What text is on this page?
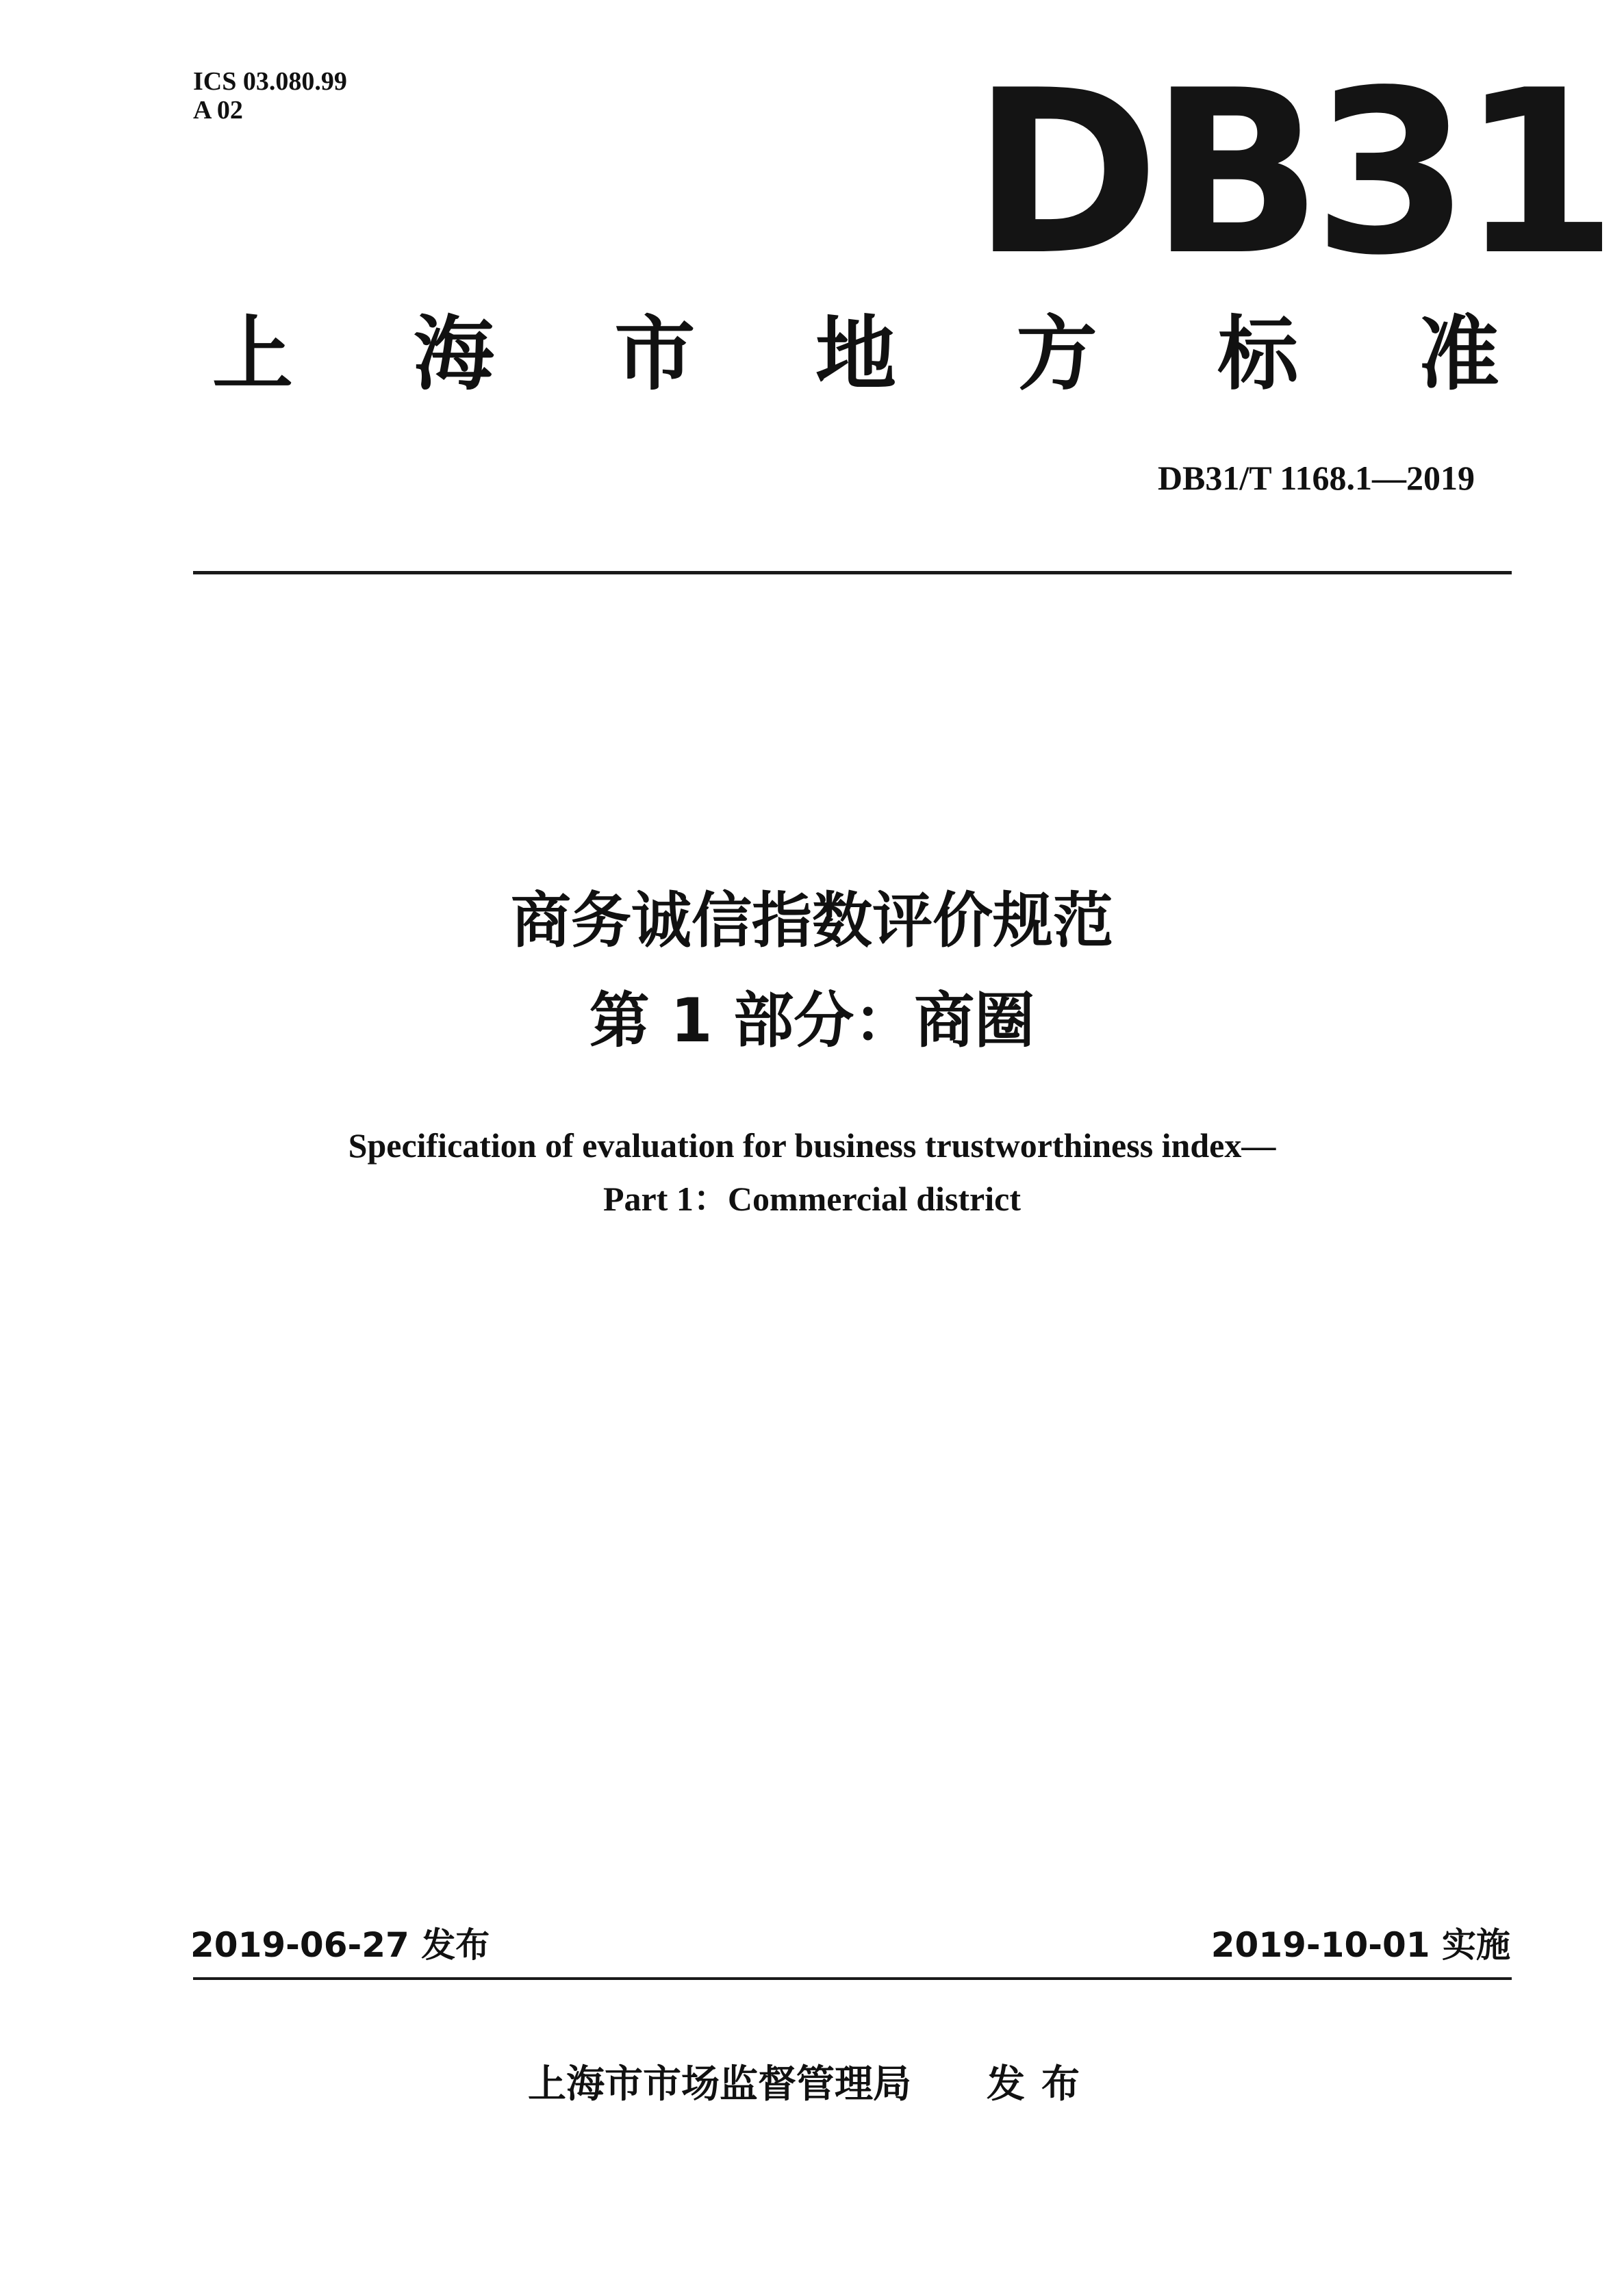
ICS 03.080.99
A 02	DB31
上 海 市 地 方 标 准
DB31/T 1168.1—2019
商务诚信指数评价规范
第 1 部分：商圈
Specification of evaluation for business trustworthiness index—
Part 1：Commercial district
2019-06-27 发布	2019-10-01 实施
上海市市场监督管理局 发布
